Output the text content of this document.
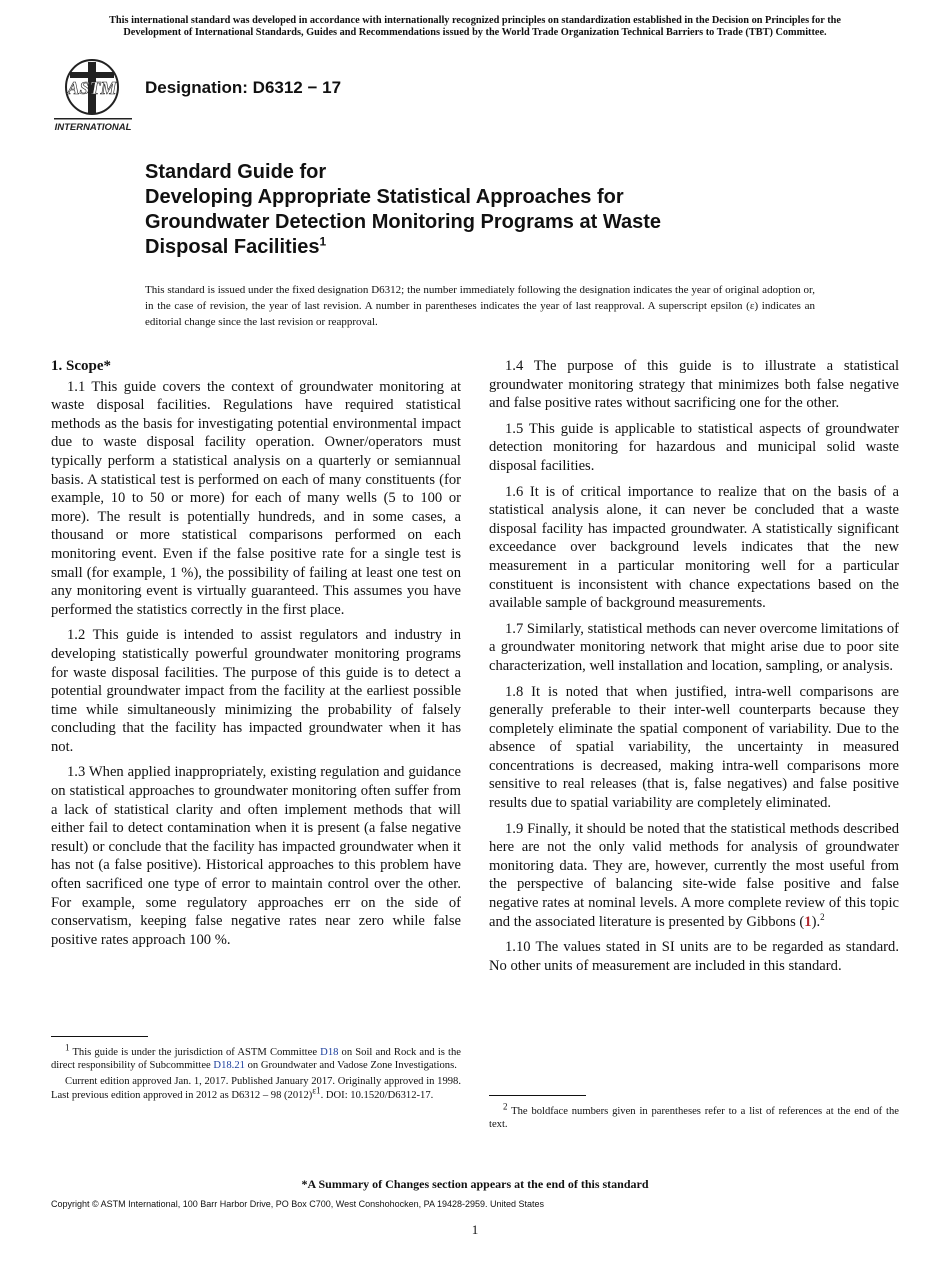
This international standard was developed in accordance with internationally recognized principles on standardization established in the Decision on Principles for the
Development of International Standards, Guides and Recommendations issued by the World Trade Organization Technical Barriers to Trade (TBT) Committee.
ASTM
INTERNATIONAL
Designation: D6312 − 17
Standard Guide for
Developing Appropriate Statistical Approaches for
Groundwater Detection Monitoring Programs at Waste
Disposal Facilities$^1$
This standard is issued under the fixed designation D6312; the number immediately following the designation indicates the year of original adoption or, in the case of revision, the year of last revision. A number in parentheses indicates the year of last reapproval. A superscript epsilon (ε) indicates an editorial change since the last revision or reapproval.
1. Scope*

1.1 This guide covers the context of groundwater monitoring at waste disposal facilities. Regulations have required statistical methods as the basis for investigating potential environmental impact due to waste disposal facility operation. Owner/operators must typically perform a statistical analysis on a quarterly or semiannual basis. A statistical test is performed on each of many constituents (for example, 10 to 50 or more) for each of many wells (5 to 100 or more). The result is potentially hundreds, and in some cases, a thousand or more statistical comparisons performed on each monitoring event. Even if the false positive rate for a single test is small (for example, 1 %), the possibility of failing at least one test on any monitoring event is virtually guaranteed. This assumes you have performed the statistics correctly in the first place.

1.2 This guide is intended to assist regulators and industry in developing statistically powerful groundwater monitoring programs for waste disposal facilities. The purpose of this guide is to detect a potential groundwater impact from the facility at the earliest possible time while simultaneously minimizing the probability of falsely concluding that the facility has impacted groundwater when it has not.

1.3 When applied inappropriately, existing regulation and guidance on statistical approaches to groundwater monitoring often suffer from a lack of statistical clarity and often implement methods that will either fail to detect contamination when it is present (a false negative result) or conclude that the facility has impacted groundwater when it has not (a false positive). Historical approaches to this problem have often sacrificed one type of error to maintain control over the other. For example, some regulatory approaches err on the side of conservatism, keeping false negative rates near zero while false positive rates approach 100 %.

$^1$ This guide is under the jurisdiction of ASTM Committee D18 on Soil and Rock and is the direct responsibility of Subcommittee D18.21 on Groundwater and Vadose Zone Investigations.

Current edition approved Jan. 1, 2017. Published January 2017. Originally approved in 1998. Last previous edition approved in 2012 as D6312 – 98 $(2012)^{\varepsilon 1}$. DOI: 10.1520/D6312-17.

1.4 The purpose of this guide is to illustrate a statistical groundwater monitoring strategy that minimizes both false negative and false positive rates without sacrificing one for the other.

1.5 This guide is applicable to statistical aspects of groundwater detection monitoring for hazardous and municipal solid waste disposal facilities.

1.6 It is of critical importance to realize that on the basis of a statistical analysis alone, it can never be concluded that a waste disposal facility has impacted groundwater. A statistically significant exceedance over background levels indicates that the new measurement in a particular monitoring well for a particular constituent is inconsistent with chance expectations based on the available sample of background measurements.

1.7 Similarly, statistical methods can never overcome limitations of a groundwater monitoring network that might arise due to poor site characterization, well installation and location, sampling, or analysis.

1.8 It is noted that when justified, intra-well comparisons are generally preferable to their inter-well counterparts because they completely eliminate the spatial component of variability. Due to the absence of spatial variability, the uncertainty in measured concentrations is decreased, making intra-well comparisons more sensitive to real releases (that is, false negatives) and false positive results due to spatial variability are completely eliminated.

1.9 Finally, it should be noted that the statistical methods described here are not the only valid methods for analysis of groundwater monitoring data. They are, however, currently the most useful from the perspective of balancing site-wide false positive and false negative rates at nominal levels. A more complete review of this topic and the associated literature is presented by Gibbons (1).$^2$

1.10 The values stated in SI units are to be regarded as standard. No other units of measurement are included in this standard.

$^2$ The boldface numbers given in parentheses refer to a list of references at the end of the text.

*A Summary of Changes section appears at the end of this standard
Copyright © ASTM International, 100 Barr Harbor Drive, PO Box C700, West Conshohocken, PA 19428-2959. United States
1
